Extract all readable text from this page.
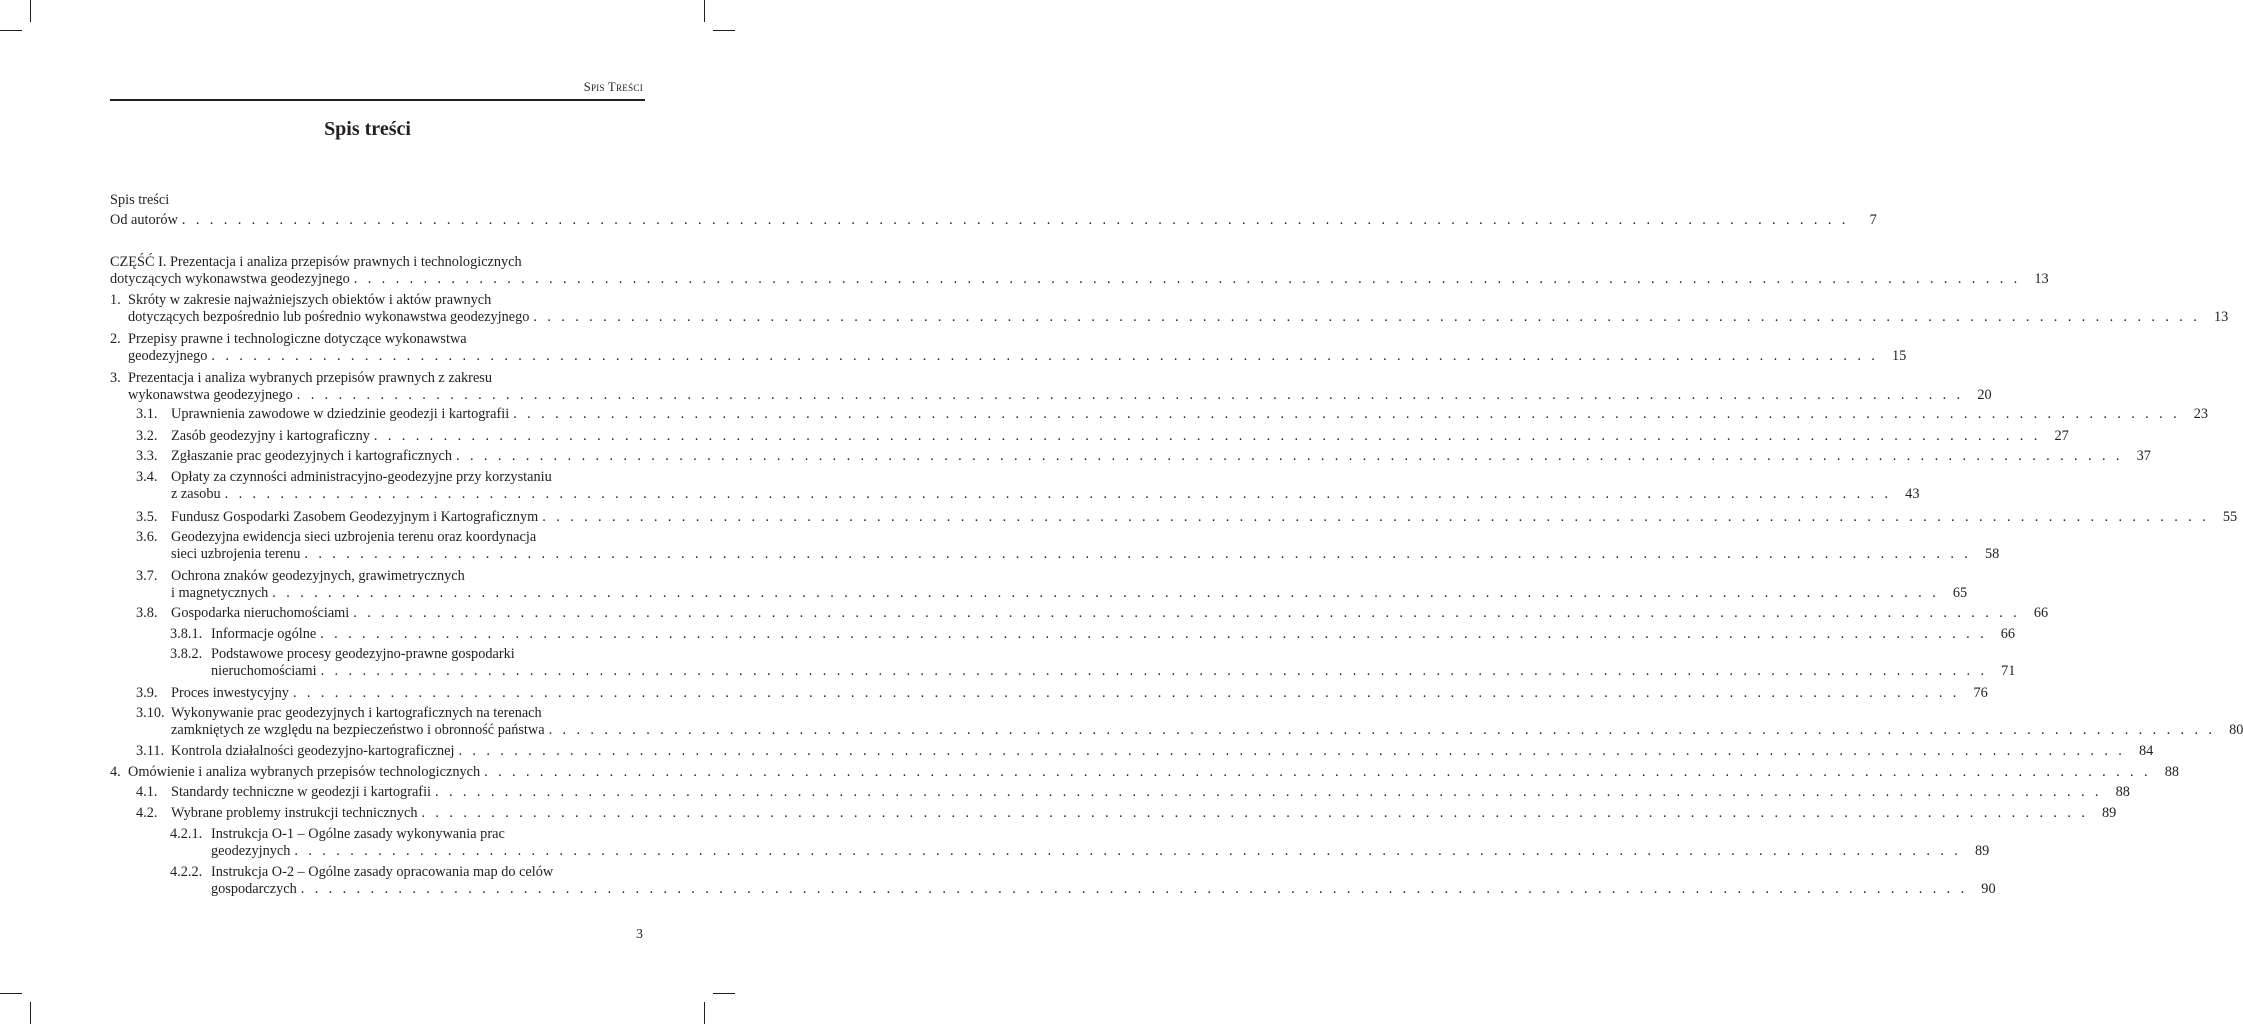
Spis Treści
Spis treści
Spis treści
Od autorów . . . . . . . . . . . . . . . . . . . . . . . . . . . . . . . . . . . . . . . . . . . . . . . . . . . . . . . . . . . . . . . . . . . . . . . . . . . . . . . . . . . . . . . . . . . . . . . . . . . . . . . . . . . . . . . . . . . . . . . .	7
CZĘŚĆ I. Prezentacja i analiza przepisów prawnych i technologicznych
dotyczących wykonawstwa geodezyjnego . . . . . . . . . . . . . . . . . . . . . . . . . . . . . . . . . . . . . . . . . . . . . . . . . . . . . . . . . . . . . . . . . . . . . . . . . . . . . . . . . . . . . . . . . . . . . . . . . . . . . . . . . . . . . . . . . . . . . . . . 13
1. Skróty w zakresie najważniejszych obiektów i aktów prawnych
dotyczących bezpośrednio lub pośrednio wykonawstwa geodezyjnego . . . . . . . . . . . . . . . . . . . . . . . . . . . . . . . . . . . . . . . . . . . . . . . . . . . . . . . . . . . . . . . . . . . . . . . . . . . . . . . . . . . . . . . . . . . . . . . . . . . . . . . . . . . . . . . . . . . . . . . . 13
2. Przepisy prawne i technologiczne dotyczące wykonawstwa
geodezyjnego . . . . . . . . . . . . . . . . . . . . . . . . . . . . . . . . . . . . . . . . . . . . . . . . . . . . . . . . . . . . . . . . . . . . . . . . . . . . . . . . . . . . . . . . . . . . . . . . . . . . . . . . . . . . . . . . . . . . . . . . 15
3. Prezentacja i analiza wybranych przepisów prawnych z zakresu
wykonawstwa geodezyjnego . . . . . . . . . . . . . . . . . . . . . . . . . . . . . . . . . . . . . . . . . . . . . . . . . . . . . . . . . . . . . . . . . . . . . . . . . . . . . . . . . . . . . . . . . . . . . . . . . . . . . . . . . . . . . . . . . . . . . . . . 20
3.1. Uprawnienia zawodowe w dziedzinie geodezji i kartografii . . . . . . . . . . . . . . . . . . . . . . . . . . . . . . . . . . . . . . . . . . . . . . . . . . . . . . . . . . . . . . . . . . . . . . . . . . . . . . . . . . . . . . . . . . . . . . . . . . . . . . . . . . . . . . . . . . . . . . . . 23
3.2. Zasób geodezyjny i kartograficzny . . . . . . . . . . . . . . . . . . . . . . . . . . . . . . . . . . . . . . . . . . . . . . . . . . . . . . . . . . . . . . . . . . . . . . . . . . . . . . . . . . . . . . . . . . . . . . . . . . . . . . . . . . . . . . . . . . . . . . . . 27
3.3. Zgłaszanie prac geodezyjnych i kartograficznych . . . . . . . . . . . . . . . . . . . . . . . . . . . . . . . . . . . . . . . . . . . . . . . . . . . . . . . . . . . . . . . . . . . . . . . . . . . . . . . . . . . . . . . . . . . . . . . . . . . . . . . . . . . . . . . . . . . . . . . . 37
3.4. Opłaty za czynności administracyjno-geodezyjne przy korzystaniu
z zasobu . . . . . . . . . . . . . . . . . . . . . . . . . . . . . . . . . . . . . . . . . . . . . . . . . . . . . . . . . . . . . . . . . . . . . . . . . . . . . . . . . . . . . . . . . . . . . . . . . . . . . . . . . . . . . . . . . . . . . . . . 43
3.5. Fundusz Gospodarki Zasobem Geodezyjnym i Kartograficznym . . . . . . . . . . . . . . . . . . . . . . . . . . . . . . . . . . . . . . . . . . . . . . . . . . . . . . . . . . . . . . . . . . . . . . . . . . . . . . . . . . . . . . . . . . . . . . . . . . . . . . . . . . . . . . . . . . . . . . . . 55
3.6. Geodezyjna ewidencja sieci uzbrojenia terenu oraz koordynacja
sieci uzbrojenia terenu . . . . . . . . . . . . . . . . . . . . . . . . . . . . . . . . . . . . . . . . . . . . . . . . . . . . . . . . . . . . . . . . . . . . . . . . . . . . . . . . . . . . . . . . . . . . . . . . . . . . . . . . . . . . . . . . . . . . . . . . 58
3.7. Ochrona znaków geodezyjnych, grawimetrycznych
i magnetycznych . . . . . . . . . . . . . . . . . . . . . . . . . . . . . . . . . . . . . . . . . . . . . . . . . . . . . . . . . . . . . . . . . . . . . . . . . . . . . . . . . . . . . . . . . . . . . . . . . . . . . . . . . . . . . . . . . . . . . . . . 65
3.8. Gospodarka nieruchomościami . . . . . . . . . . . . . . . . . . . . . . . . . . . . . . . . . . . . . . . . . . . . . . . . . . . . . . . . . . . . . . . . . . . . . . . . . . . . . . . . . . . . . . . . . . . . . . . . . . . . . . . . . . . . . . . . . . . . . . . . 66
3.8.1. Informacje ogólne . . . . . . . . . . . . . . . . . . . . . . . . . . . . . . . . . . . . . . . . . . . . . . . . . . . . . . . . . . . . . . . . . . . . . . . . . . . . . . . . . . . . . . . . . . . . . . . . . . . . . . . . . . . . . . . . . . . . . . . . 66
3.8.2. Podstawowe procesy geodezyjno-prawne gospodarki
nieruchomościami . . . . . . . . . . . . . . . . . . . . . . . . . . . . . . . . . . . . . . . . . . . . . . . . . . . . . . . . . . . . . . . . . . . . . . . . . . . . . . . . . . . . . . . . . . . . . . . . . . . . . . . . . . . . . . . . . . . . . . . . 71
3.9. Proces inwestycyjny . . . . . . . . . . . . . . . . . . . . . . . . . . . . . . . . . . . . . . . . . . . . . . . . . . . . . . . . . . . . . . . . . . . . . . . . . . . . . . . . . . . . . . . . . . . . . . . . . . . . . . . . . . . . . . . . . . . . . . . . 76
3.10. Wykonywanie prac geodezyjnych i kartograficznych na terenach
zamkniętych ze względu na bezpieczeństwo i obronność państwa . . . . . . . . . . . . . . . . . . . . . . . . . . . . . . . . . . . . . . . . . . . . . . . . . . . . . . . . . . . . . . . . . . . . . . . . . . . . . . . . . . . . . . . . . . . . . . . . . . . . . . . . . . . . . . . . . . . . . . . . 80
3.11. Kontrola działalności geodezyjno-kartograficznej . . . . . . . . . . . . . . . . . . . . . . . . . . . . . . . . . . . . . . . . . . . . . . . . . . . . . . . . . . . . . . . . . . . . . . . . . . . . . . . . . . . . . . . . . . . . . . . . . . . . . . . . . . . . . . . . . . . . . . . . 84
4. Omówienie i analiza wybranych przepisów technologicznych . . . . . . . . . . . . . . . . . . . . . . . . . . . . . . . . . . . . . . . . . . . . . . . . . . . . . . . . . . . . . . . . . . . . . . . . . . . . . . . . . . . . . . . . . . . . . . . . . . . . . . . . . . . . . . . . . . . . . . . . 88
4.1. Standardy techniczne w geodezji i kartografii . . . . . . . . . . . . . . . . . . . . . . . . . . . . . . . . . . . . . . . . . . . . . . . . . . . . . . . . . . . . . . . . . . . . . . . . . . . . . . . . . . . . . . . . . . . . . . . . . . . . . . . . . . . . . . . . . . . . . . . . 88
4.2. Wybrane problemy instrukcji technicznych . . . . . . . . . . . . . . . . . . . . . . . . . . . . . . . . . . . . . . . . . . . . . . . . . . . . . . . . . . . . . . . . . . . . . . . . . . . . . . . . . . . . . . . . . . . . . . . . . . . . . . . . . . . . . . . . . . . . . . . . 89
4.2.1. Instrukcja O-1 – Ogólne zasady wykonywania prac
geodezyjnych . . . . . . . . . . . . . . . . . . . . . . . . . . . . . . . . . . . . . . . . . . . . . . . . . . . . . . . . . . . . . . . . . . . . . . . . . . . . . . . . . . . . . . . . . . . . . . . . . . . . . . . . . . . . . . . . . . . . . . . . 89
4.2.2. Instrukcja O-2 – Ogólne zasady opracowania map do celów
gospodarczych . . . . . . . . . . . . . . . . . . . . . . . . . . . . . . . . . . . . . . . . . . . . . . . . . . . . . . . . . . . . . . . . . . . . . . . . . . . . . . . . . . . . . . . . . . . . . . . . . . . . . . . . . . . . . . . . . . . . . . . . 90
3
